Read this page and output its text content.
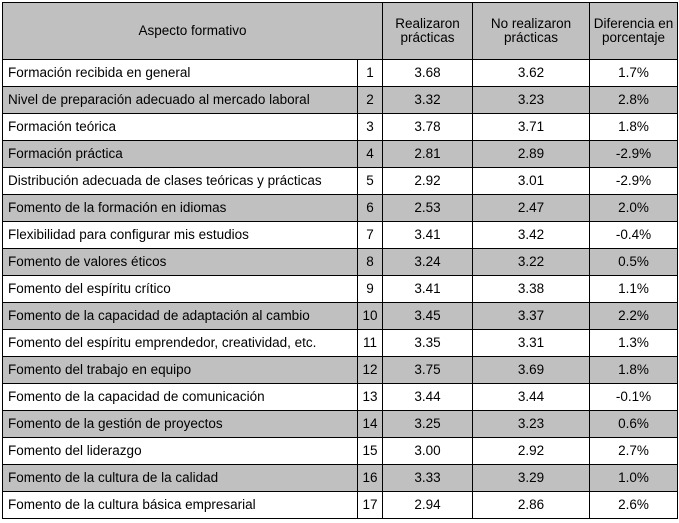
Aspecto formativo		Realizaron prácticas	No realizaron prácticas	Diferencia en porcentaje
Formación recibida en general	1	3.68	3.62	1.7%
Nivel de preparación adecuado al mercado laboral	2	3.32	3.23	2.8%
Formación teórica	3	3.78	3.71	1.8%
Formación práctica	4	2.81	2.89	-2.9%
Distribución adecuada de clases teóricas y prácticas	5	2.92	3.01	-2.9%
Fomento de la formación en idiomas	6	2.53	2.47	2.0%
Flexibilidad para configurar mis estudios	7	3.41	3.42	-0.4%
Fomento de valores éticos	8	3.24	3.22	0.5%
Fomento del espíritu crítico	9	3.41	3.38	1.1%
Fomento de la capacidad de adaptación al cambio	10	3.45	3.37	2.2%
Fomento del espíritu emprendedor, creatividad, etc.	11	3.35	3.31	1.3%
Fomento del trabajo en equipo	12	3.75	3.69	1.8%
Fomento de la capacidad de comunicación	13	3.44	3.44	-0.1%
Fomento de la gestión de proyectos	14	3.25	3.23	0.6%
Fomento del liderazgo	15	3.00	2.92	2.7%
Fomento de la cultura de la calidad	16	3.33	3.29	1.0%
Fomento de la cultura básica empresarial	17	2.94	2.86	2.6%
